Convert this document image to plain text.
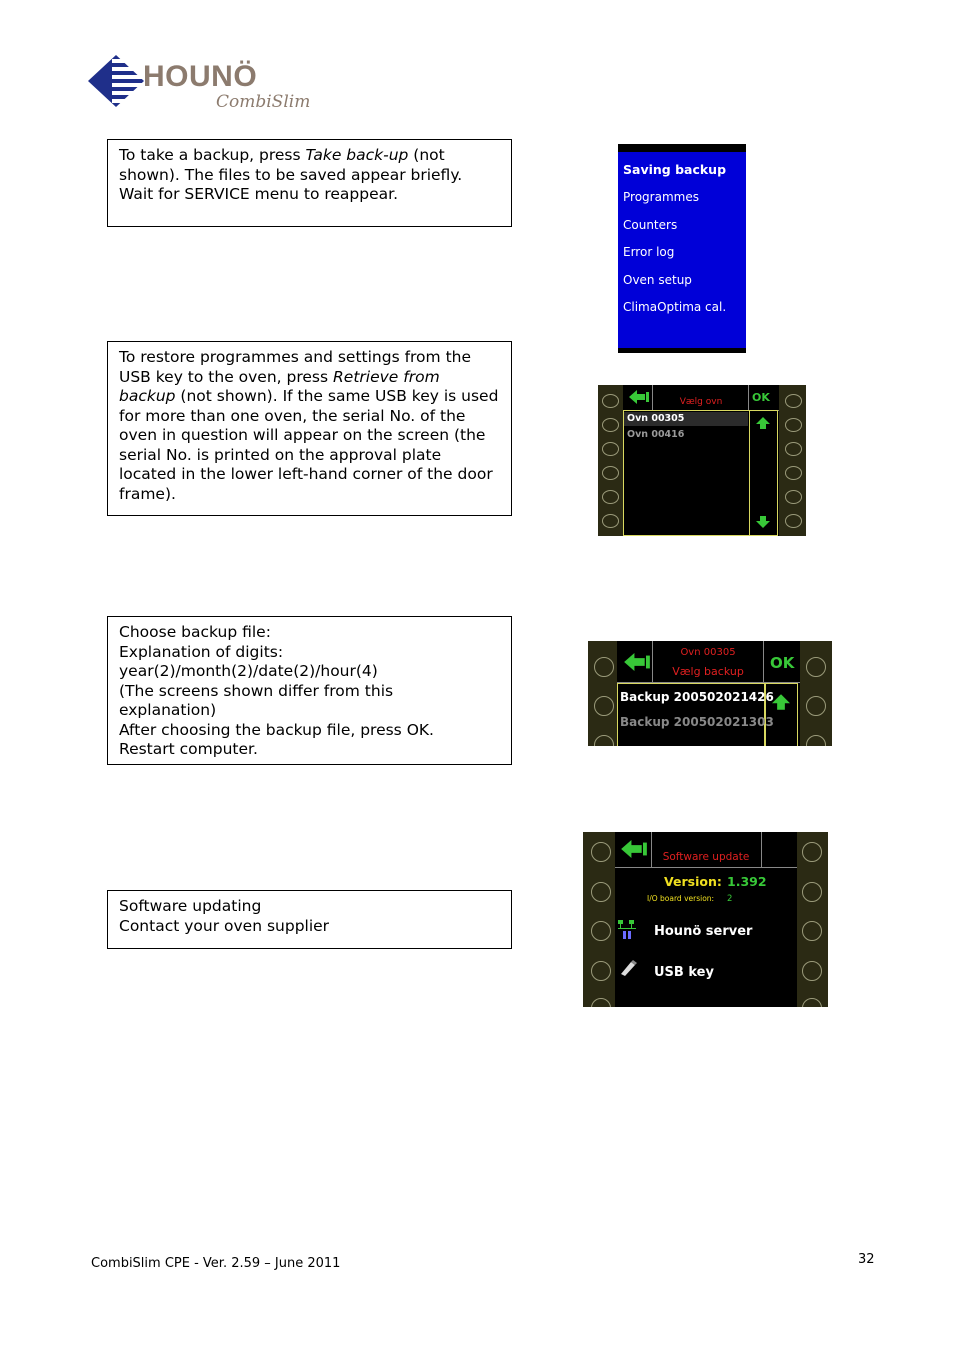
HOUNÖ
CombiSlim

To take a backup, press Take back-up (not shown). The files to be saved appear briefly. Wait for SERVICE menu to reappear.

To restore programmes and settings from the USB key to the oven, press Retrieve from backup (not shown). If the same USB key is used for more than one oven, the serial No. of the oven in question will appear on the screen (the serial No. is printed on the approval plate located in the lower left-hand corner of the door frame).

Choose backup file:

Explanation of digits:

year(2)/month(2)/date(2)/hour(4)

(The screens shown differ from this

explanation)

After choosing the backup file, press OK.

Restart computer.

Software updating

Contact your oven supplier

Saving backup
Programmes
Counters
Error log
Oven setup
ClimaOptima cal.
Vælg ovn	OK
Ovn 00305
Ovn 00416
Ovn 00305
Vælg backup	OK
Backup 200502021426
Backup 200502021303
Software update
Version: 1.392
I/O board version: 2
Hounö server
USB key
CombiSlim CPE - Ver. 2.59 – June 2011	32
